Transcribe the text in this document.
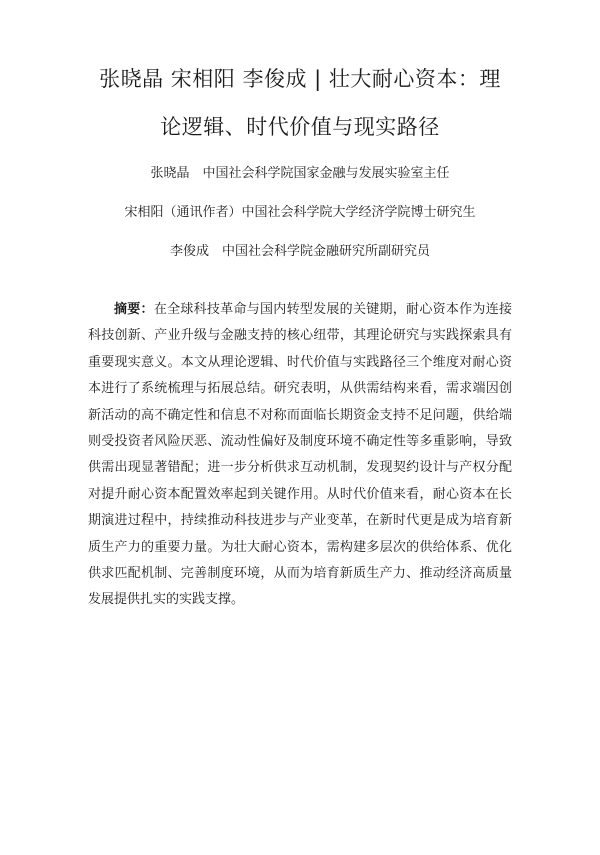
张晓晶 宋相阳 李俊成 | 壮大耐心资本：理
论逻辑、时代价值与现实路径
张晓晶 中国社会科学院国家金融与发展实验室主任
宋相阳（通讯作者）中国社会科学院大学经济学院博士研究生
李俊成 中国社会科学院金融研究所副研究员

摘要：在全球科技革命与国内转型发展的关键期，耐心资本作为连接科技创新、产业升级与金融支持的核心纽带，其理论研究与实践探索具有重要现实意义。本文从理论逻辑、时代价值与实践路径三个维度对耐心资本进行了系统梳理与拓展总结。研究表明，从供需结构来看，需求端因创新活动的高不确定性和信息不对称而面临长期资金支持不足问题，供给端则受投资者风险厌恶、流动性偏好及制度环境不确定性等多重影响，导致供需出现显著错配；进一步分析供求互动机制，发现契约设计与产权分配对提升耐心资本配置效率起到关键作用。从时代价值来看，耐心资本在长期演进过程中，持续推动科技进步与产业变革，在新时代更是成为培育新质生产力的重要力量。为壮大耐心资本，需构建多层次的供给体系、优化供求匹配机制、完善制度环境，从而为培育新质生产力、推动经济高质量发展提供扎实的实践支撑。
